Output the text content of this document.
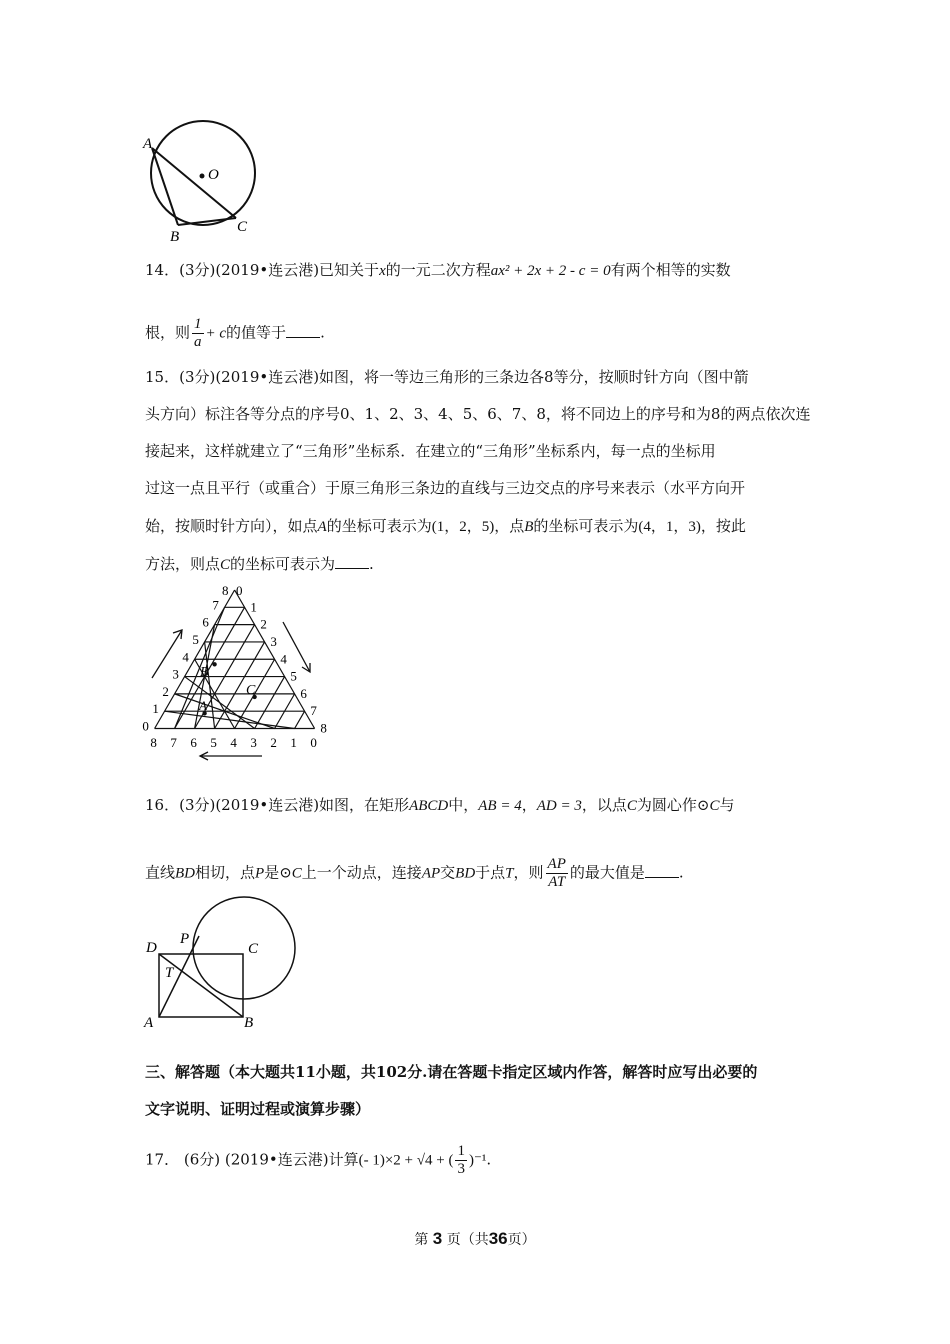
A
O
B
C
14．(3分)(2019•连云港)已知关于x的一元二次方程ax² + 2x + 2 - c = 0有两个相等的实数
根，则 $\frac{1}{a} + c$的值等于 .
15．(3分)(2019•连云港)如图，将一等边三角形的三条边各8等分，按顺时针方向（图中箭
头方向）标注各等分点的序号0、1、2、3、4、5、6、7、8，将不同边上的序号和为8的两点依次连
接起来，这样就建立了“三角形”坐标系．在建立的“三角形”坐标系内，每一点的坐标用
过这一点且平行（或重合）于原三角形三条边的直线与三边交点的序号来表示（水平方向开
始，按顺时针方向），如点A的坐标可表示为(1，2，5)，点B的坐标可表示为(4，1，3)，按此
方法，则点C的坐标可表示为 .
7
6
5
4
3
2
1
0
1
2
3
4
5
6
7
8
8 7 6 5 4 3 2 1 0
8 0
B
A
C
16．(3分)(2019•连云港)如图，在矩形ABCD中，AB = 4，AD = 3，以点C为圆心作⊙C与
直线BD相切，点P是⊙C上一个动点，连接AP交BD于点T，则 $\frac{AP}{AT}$ 的最大值是 .
D
P
C
T
A	B
三、解答题（本大题共11小题，共102分.请在答题卡指定区域内作答，解答时应写出必要的
文字说明、证明过程或演算步骤）
17． (6分) (2019•连云港)计算(- 1)×2 + √4 + ( $\frac{1}{3} )^{-1}$.
第 3 页（共36页）
